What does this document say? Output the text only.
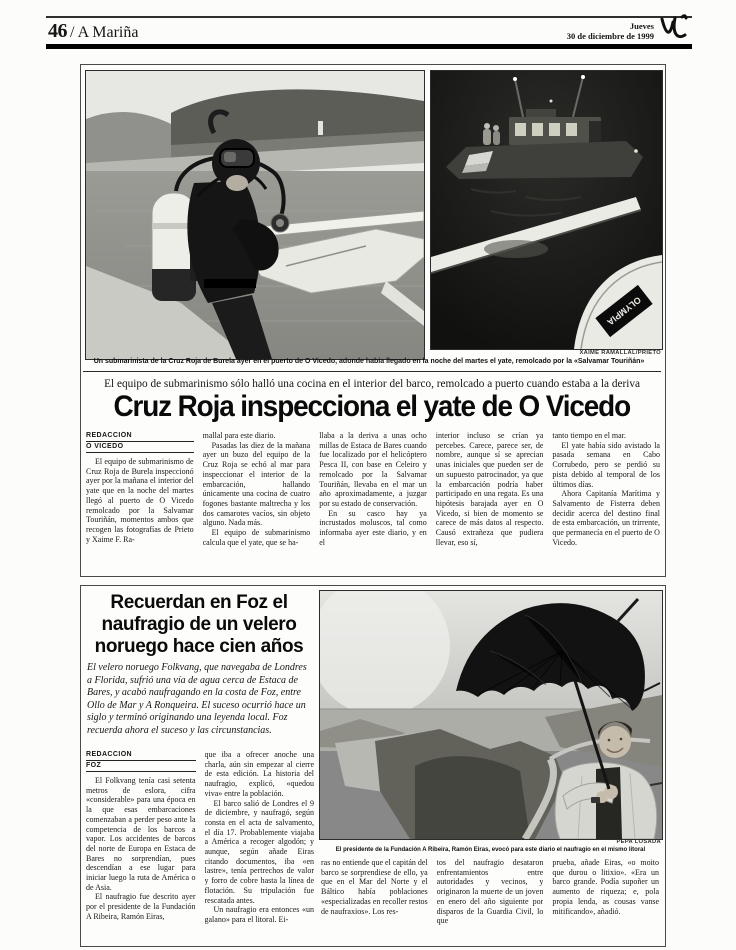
46 / A Mariña	Jueves
30 de diciembre de 1999
OLYMPIA
XAIME RAMALLAL/PRIETO
Un submarinista de la Cruz Roja de Burela ayer en el puerto de O Vicedo, adonde había llegado en la noche del martes el yate, remolcado por la «Salvamar Touriñán»
El equipo de submarinismo sólo halló una cocina en el interior del barco, remolcado a puerto cuando estaba a la deriva
Cruz Roja inspecciona el yate de O Vicedo
REDACCIÓN
O VICEDO

El equipo de submarinismo de Cruz Roja de Burela inspeccionó ayer por la mañana el interior del yate que en la noche del martes llegó al puerto de O Vicedo remolcado por la Salvamar Touriñán, momentos ambos que recogen las fotografías de Prieto y Xaime F. Ra-

mallal para este diario.

Pasadas las diez de la mañana ayer un buzo del equipo de la Cruz Roja se echó al mar para inspeccionar el interior de la embarcación, hallando únicamente una cocina de cuatro fogones bastante maltrecha y los dos camarotes vacíos, sin objeto alguno. Nada más.

El equipo de submarinismo calcula que el yate, que se ha-

llaba a la deriva a unas ocho millas de Estaca de Bares cuando fue localizado por el helicóptero Pesca II, con base en Celeiro y remolcado por la Salvamar Touriñán, llevaba en el mar un año aproximadamente, a juzgar por su estado de conservación.

En su casco hay ya incrustados moluscos, tal como informaba ayer este diario, y en el

interior incluso se crían ya percebes. Carece, parece ser, de nombre, aunque sí se aprecian unas iniciales que pueden ser de un supuesto patrocinador, ya que la embarcación podría haber participado en una regata. Es una hipótesis barajada ayer en O Vicedo, si bien de momento se carece de más datos al respecto. Causó extrañeza que pudiera llevar, eso sí,

tanto tiempo en el mar.

El yate había sido avistado la pasada semana en Cabo Corrubedo, pero se perdió su pista debido al temporal de los últimos días.

Ahora Capitanía Marítima y Salvamento de Fisterra deben decidir acerca del destino final de esta embarcación, un trirrente, que permanecía en el puerto de O Vicedo.

Recuerdan en Foz el naufragio de un velero noruego hace cien años
El velero noruego Folkvang, que navegaba de Londres a Florida, sufrió una vía de agua cerca de Estaca de Bares, y acabó naufragando en la costa de Foz, entre Ollo de Mar y A Ronqueira. El suceso ocurrió hace un siglo y terminó originando una leyenda local. Foz recuerda ahora el suceso y las circunstancias.
REDACCIÓN
FOZ

El Folkvang tenía casi setenta metros de eslora, cifra «considerable» para una época en la que esas embarcaciones comenzaban a perder peso ante la competencia de los barcos a vapor. Los accidentes de barcos del norte de Europa en Estaca de Bares no sorprendían, pues descendían a ese lugar para iniciar luego la ruta de América o de Asia.

El naufragio fue descrito ayer por el presidente de la Fundación A Ribeira, Ramón Eiras,

que iba a ofrecer anoche una charla, aún sin empezar al cierre de esta edición. La historia del naufragio, explicó, «quedou viva» entre la población.

El barco salió de Londres el 9 de diciembre, y naufragó, según consta en el acta de salvamento, el día 17. Probablemente viajaba a América a recoger algodón; y aunque, según añade Eiras citando documentos, iba «en lastre», tenía pertrechos de valor y forro de cobre hasta la línea de flotación. Su tripulación fue rescatada antes.

Un naufragio era entonces «un galano» para el litoral. Ei-

PEPA LOSADA
El presidente de la Fundación A Ribeira, Ramón Eiras, evocó para este diario el naufragio en el mismo litoral

ras no entiende que el capitán del barco se sorprendiese de ello, ya que en el Mar del Norte y el Báltico había poblaciones «especializadas en recoller restos de naufraxios». Los res-

tos del naufragio desataron enfrentamientos entre autoridades y vecinos, y originaron la muerte de un joven en enero del año siguiente por disparos de la Guardia Civil, lo que

prueba, añade Eiras, «o moito que durou o litixio». «Era un barco grande. Podía supoñer un aumento de riqueza; e, pola propia lenda, as cousas vanse mitificando», añadió.
